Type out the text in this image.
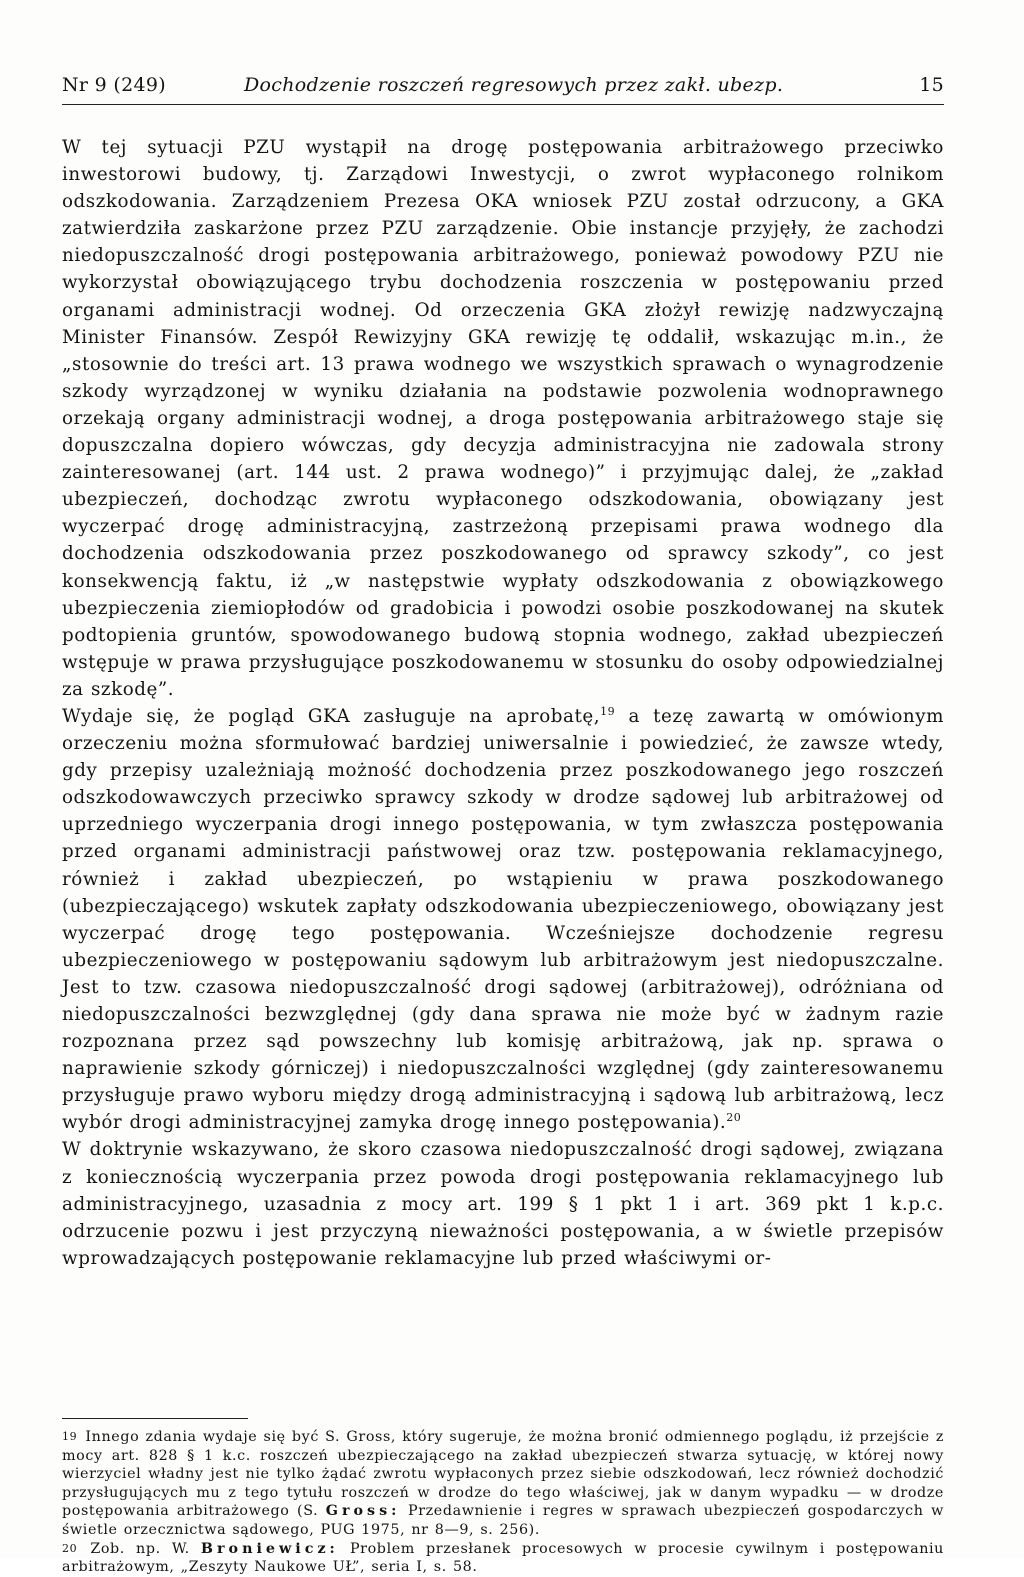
Nr 9 (249)	Dochodzenie roszczeń regresowych przez zakł. ubezp.	15

W tej sytuacji PZU wystąpił na drogę postępowania arbitrażowego przeciwko inwestorowi budowy, tj. Zarządowi Inwestycji, o zwrot wypłaconego rolnikom odszkodowania. Zarządzeniem Prezesa OKA wniosek PZU został odrzucony, a GKA zatwierdziła zaskarżone przez PZU zarządzenie. Obie instancje przyjęły, że zachodzi niedopuszczalność drogi postępowania arbitrażowego, ponieważ powodowy PZU nie wykorzystał obowiązującego trybu dochodzenia roszczenia w postępowaniu przed organami administracji wodnej. Od orzeczenia GKA złożył rewizję nadzwyczajną Minister Finansów. Zespół Rewizyjny GKA rewizję tę oddalił, wskazując m.in., że „stosownie do treści art. 13 prawa wodnego we wszystkich sprawach o wynagrodzenie szkody wyrządzonej w wyniku działania na podstawie pozwolenia wodnoprawnego orzekają organy administracji wodnej, a droga postępowania arbitrażowego staje się dopuszczalna dopiero wówczas, gdy decyzja administracyjna nie zadowala strony zainteresowanej (art. 144 ust. 2 prawa wodnego)” i przyjmując dalej, że „zakład ubezpieczeń, dochodząc zwrotu wypłaconego odszkodowania, obowiązany jest wyczerpać drogę administracyjną, zastrzeżoną przepisami prawa wodnego dla dochodzenia odszkodowania przez poszkodowanego od sprawcy szkody”, co jest konsekwencją faktu, iż „w następstwie wypłaty odszkodowania z obowiązkowego ubezpieczenia ziemiopłodów od gradobicia i powodzi osobie poszkodowanej na skutek podtopienia gruntów, spowodowanego budową stopnia wodnego, zakład ubezpieczeń wstępuje w prawa przysługujące poszkodowanemu w stosunku do osoby odpowiedzialnej za szkodę”.

Wydaje się, że pogląd GKA zasługuje na aprobatę,$^{19}$ a tezę zawartą w omówionym orzeczeniu można sformułować bardziej uniwersalnie i powiedzieć, że zawsze wtedy, gdy przepisy uzależniają możność dochodzenia przez poszkodowanego jego roszczeń odszkodowawczych przeciwko sprawcy szkody w drodze sądowej lub arbitrażowej od uprzedniego wyczerpania drogi innego postępowania, w tym zwłaszcza postępowania przed organami administracji państwowej oraz tzw. postępowania reklamacyjnego, również i zakład ubezpieczeń, po wstąpieniu w prawa poszkodowanego (ubezpieczającego) wskutek zapłaty odszkodowania ubezpieczeniowego, obowiązany jest wyczerpać drogę tego postępowania. Wcześniejsze dochodzenie regresu ubezpieczeniowego w postępowaniu sądowym lub arbitrażowym jest niedopuszczalne. Jest to tzw. czasowa niedopuszczalność drogi sądowej (arbitrażowej), odróżniana od niedopuszczalności bezwzględnej (gdy dana sprawa nie może być w żadnym razie rozpoznana przez sąd powszechny lub komisję arbitrażową, jak np. sprawa o naprawienie szkody górniczej) i niedopuszczalności względnej (gdy zainteresowanemu przysługuje prawo wyboru między drogą administracyjną i sądową lub arbitrażową, lecz wybór drogi administracyjnej zamyka drogę innego postępowania).$^{20}$

W doktrynie wskazywano, że skoro czasowa niedopuszczalność drogi sądowej, związana z koniecznością wyczerpania przez powoda drogi postępowania reklamacyjnego lub administracyjnego, uzasadnia z mocy art. 199 § 1 pkt 1 i art. 369 pkt 1 k.p.c. odrzucenie pozwu i jest przyczyną nieważności postępowania, a w świetle przepisów wprowadzających postępowanie reklamacyjne lub przed właściwymi or-

19 Innego zdania wydaje się być S. Gross, który sugeruje, że można bronić odmiennego poglądu, iż przejście z mocy art. 828 § 1 k.c. roszczeń ubezpieczającego na zakład ubezpieczeń stwarza sytuację, w której nowy wierzyciel władny jest nie tylko żądać zwrotu wypłaconych przez siebie odszkodowań, lecz również dochodzić przysługujących mu z tego tytułu roszczeń w drodze do tego właściwej, jak w danym wypadku — w drodze postępowania arbitrażowego (S. Gross: Przedawnienie i regres w sprawach ubezpieczeń gospodarczych w świetle orzecznictwa sądowego, PUG 1975, nr 8—9, s. 256).

20 Zob. np. W. Broniewicz: Problem przesłanek procesowych w procesie cywilnym i postępowaniu arbitrażowym, „Zeszyty Naukowe UŁ”, seria I, s. 58.
